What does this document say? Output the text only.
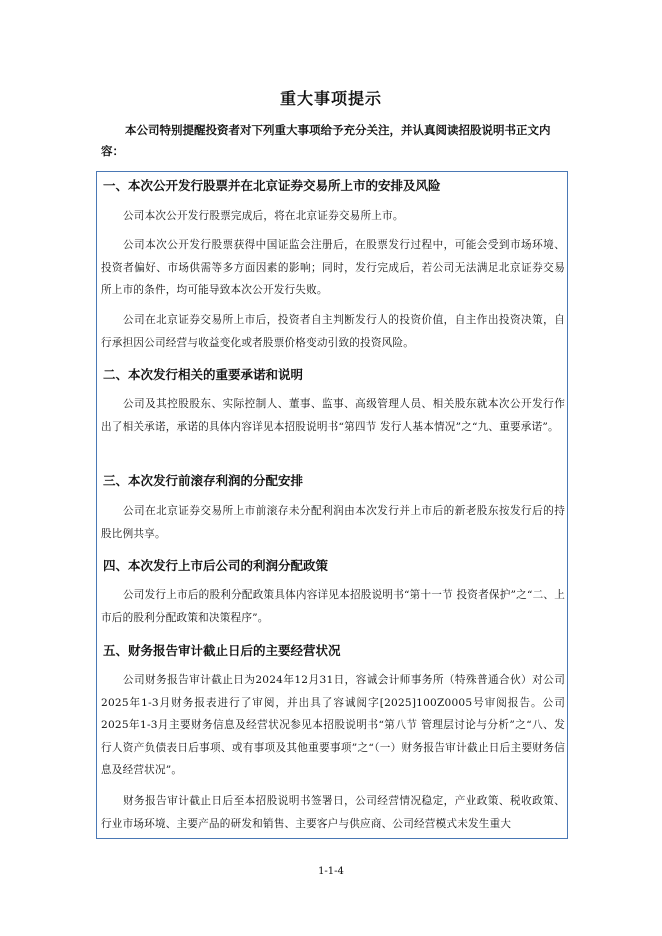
重大事项提示
本公司特别提醒投资者对下列重大事项给予充分关注，并认真阅读招股说明书正文内容：
一、本次公开发行股票并在北京证券交易所上市的安排及风险
公司本次公开发行股票完成后，将在北京证券交易所上市。
公司本次公开发行股票获得中国证监会注册后，在股票发行过程中，可能会受到市场环境、投资者偏好、市场供需等多方面因素的影响；同时，发行完成后，若公司无法满足北京证券交易所上市的条件，均可能导致本次公开发行失败。
公司在北京证券交易所上市后，投资者自主判断发行人的投资价值，自主作出投资决策，自行承担因公司经营与收益变化或者股票价格变动引致的投资风险。
二、本次发行相关的重要承诺和说明
公司及其控股股东、实际控制人、董事、监事、高级管理人员、相关股东就本次公开发行作出了相关承诺，承诺的具体内容详见本招股说明书“第四节 发行人基本情况”之“九、重要承诺”。
三、本次发行前滚存利润的分配安排
公司在北京证券交易所上市前滚存未分配利润由本次发行并上市后的新老股东按发行后的持股比例共享。
四、本次发行上市后公司的利润分配政策
公司发行上市后的股利分配政策具体内容详见本招股说明书“第十一节 投资者保护”之“二、上市后的股利分配政策和决策程序”。
五、财务报告审计截止日后的主要经营状况
公司财务报告审计截止日为2024年12月31日，容诚会计师事务所（特殊普通合伙）对公司2025年1-3月财务报表进行了审阅，并出具了容诚阅字[2025]100Z0005号审阅报告。公司2025年1-3月主要财务信息及经营状况参见本招股说明书“第八节 管理层讨论与分析”之“八、发行人资产负债表日后事项、或有事项及其他重要事项”之“（一）财务报告审计截止日后主要财务信息及经营状况”。
财务报告审计截止日后至本招股说明书签署日，公司经营情况稳定，产业政策、税收政策、行业市场环境、主要产品的研发和销售、主要客户与供应商、公司经营模式未发生重大
1-1-4
